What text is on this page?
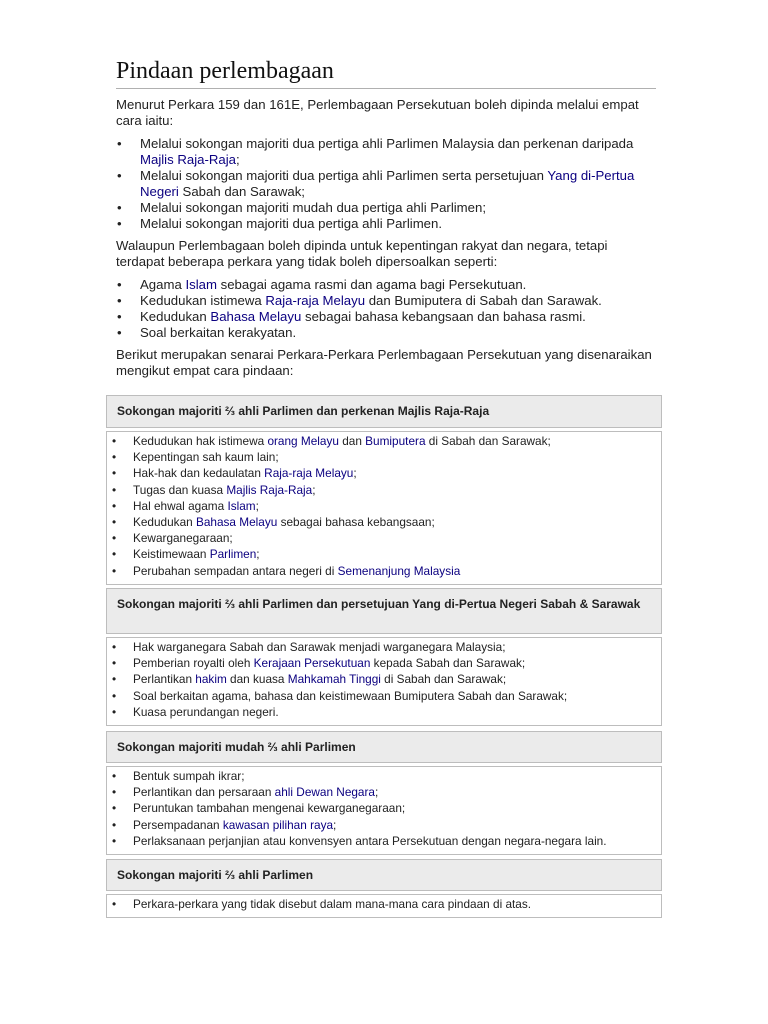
Pindaan perlembagaan

Menurut Perkara 159 dan 161E, Perlembagaan Persekutuan boleh dipinda melalui empat cara iaitu:

• Melalui sokongan majoriti dua pertiga ahli Parlimen Malaysia dan perkenan daripada Majlis Raja-Raja;
• Melalui sokongan majoriti dua pertiga ahli Parlimen serta persetujuan Yang di-Pertua Negeri Sabah dan Sarawak;
• Melalui sokongan majoriti mudah dua pertiga ahli Parlimen;
• Melalui sokongan majoriti dua pertiga ahli Parlimen.

Walaupun Perlembagaan boleh dipinda untuk kepentingan rakyat dan negara, tetapi terdapat beberapa perkara yang tidak boleh dipersoalkan seperti:

• Agama Islam sebagai agama rasmi dan agama bagi Persekutuan.
• Kedudukan istimewa Raja-raja Melayu dan Bumiputera di Sabah dan Sarawak.
• Kedudukan Bahasa Melayu sebagai bahasa kebangsaan dan bahasa rasmi.
• Soal berkaitan kerakyatan.

Berikut merupakan senarai Perkara-Perkara Perlembagaan Persekutuan yang disenaraikan mengikut empat cara pindaan:

Sokongan majoriti ⅔ ahli Parlimen dan perkenan Majlis Raja-Raja
• Kedudukan hak istimewa orang Melayu dan Bumiputera di Sabah dan Sarawak;
• Kepentingan sah kaum lain;
• Hak-hak dan kedaulatan Raja-raja Melayu;
• Tugas dan kuasa Majlis Raja-Raja;
• Hal ehwal agama Islam;
• Kedudukan Bahasa Melayu sebagai bahasa kebangsaan;
• Kewarganegaraan;
• Keistimewaan Parlimen;
• Perubahan sempadan antara negeri di Semenanjung Malaysia
Sokongan majoriti ⅔ ahli Parlimen dan persetujuan Yang di-Pertua Negeri Sabah & Sarawak
• Hak warganegara Sabah dan Sarawak menjadi warganegara Malaysia;
• Pemberian royalti oleh Kerajaan Persekutuan kepada Sabah dan Sarawak;
• Perlantikan hakim dan kuasa Mahkamah Tinggi di Sabah dan Sarawak;
• Soal berkaitan agama, bahasa dan keistimewaan Bumiputera Sabah dan Sarawak;
• Kuasa perundangan negeri.
Sokongan majoriti mudah ⅔ ahli Parlimen
• Bentuk sumpah ikrar;
• Perlantikan dan persaraan ahli Dewan Negara;
• Peruntukan tambahan mengenai kewarganegaraan;
• Persempadanan kawasan pilihan raya;
• Perlaksanaan perjanjian atau konvensyen antara Persekutuan dengan negara-negara lain.
Sokongan majoriti ⅔ ahli Parlimen
• Perkara-perkara yang tidak disebut dalam mana-mana cara pindaan di atas.
